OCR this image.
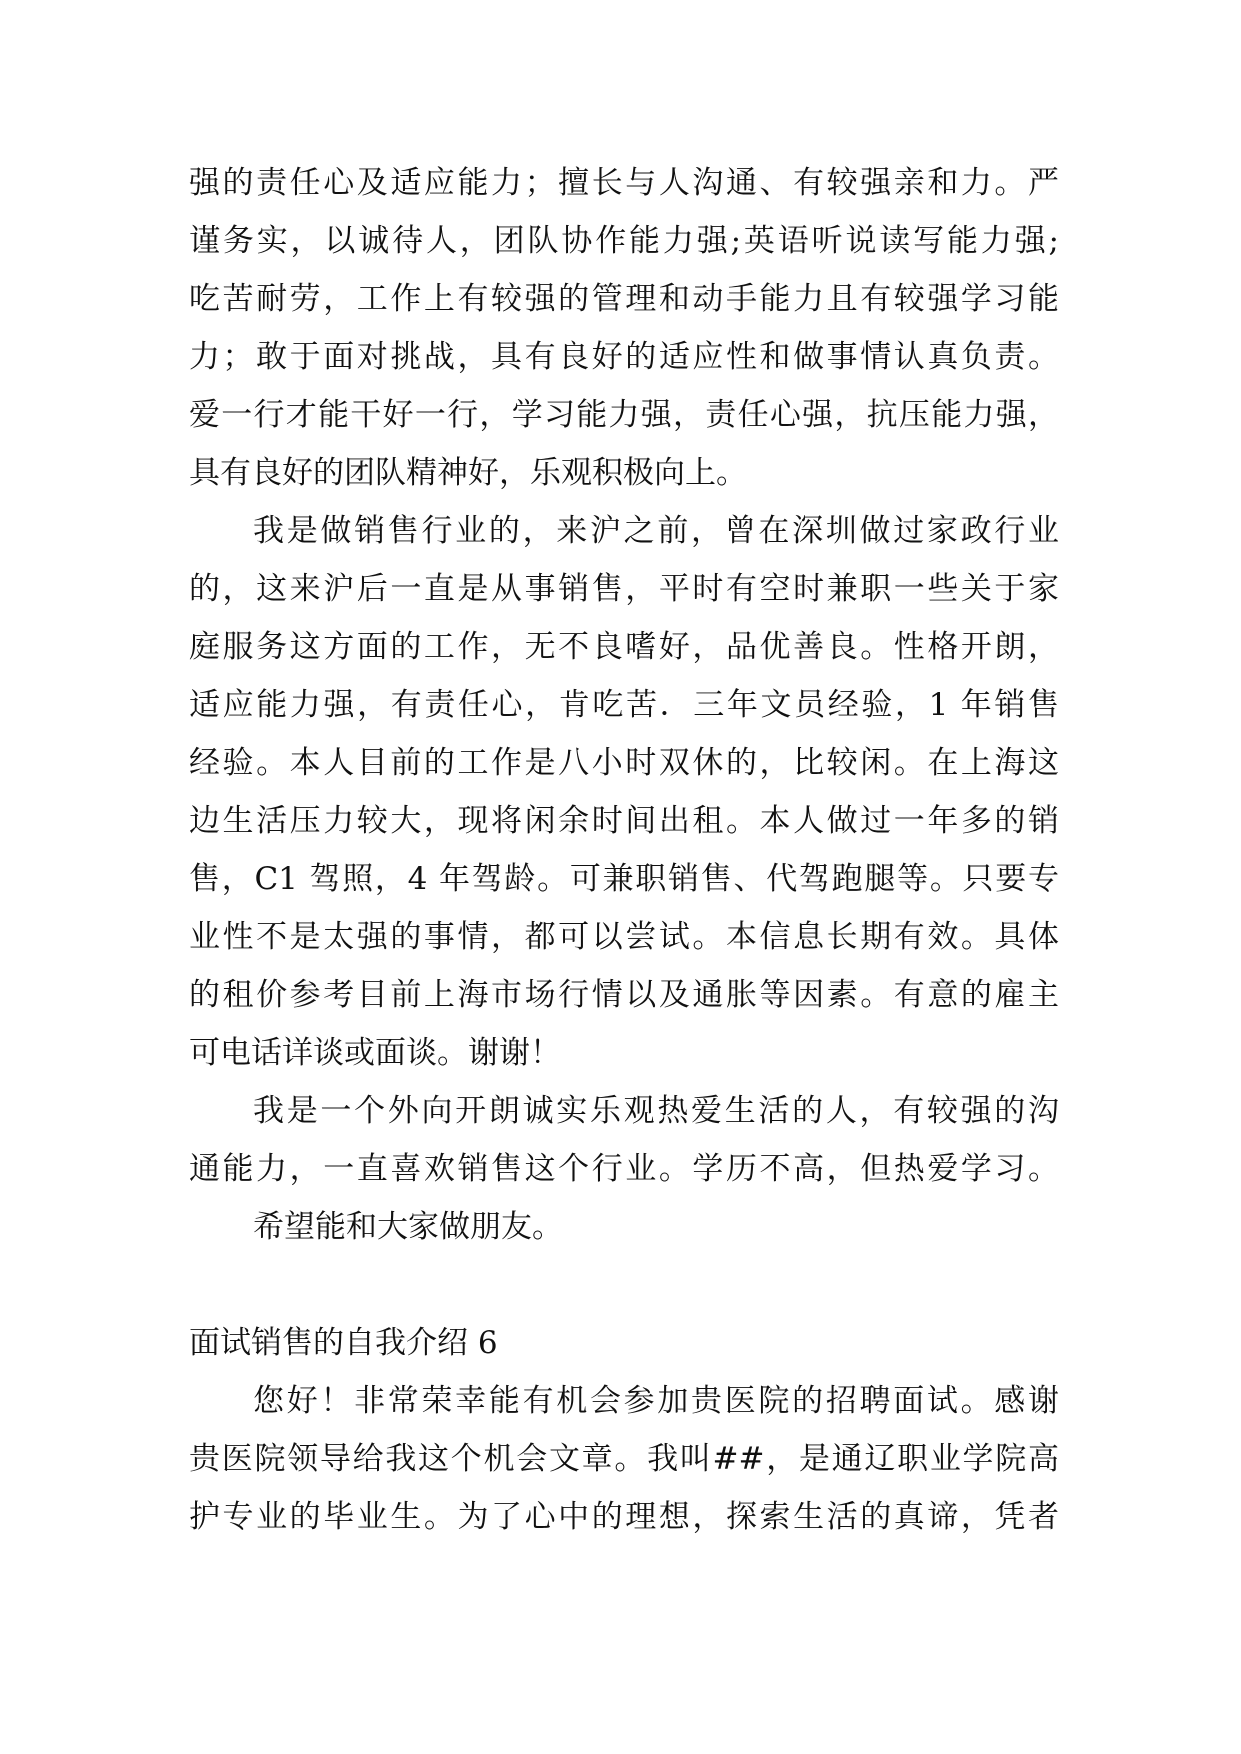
强的责任心及适应能力；擅长与人沟通、有较强亲和力。严
谨务实，以诚待人，团队协作能力强;英语听说读写能力强;
吃苦耐劳，工作上有较强的管理和动手能力且有较强学习能
力；敢于面对挑战，具有良好的适应性和做事情认真负责。
爱一行才能干好一行，学习能力强，责任心强，抗压能力强，
具有良好的团队精神好，乐观积极向上。
我是做销售行业的，来沪之前，曾在深圳做过家政行业
的，这来沪后一直是从事销售，平时有空时兼职一些关于家
庭服务这方面的工作，无不良嗜好，品优善良。性格开朗，
适应能力强，有责任心，肯吃苦．三年文员经验，1 年销售
经验。本人目前的工作是八小时双休的，比较闲。在上海这
边生活压力较大，现将闲余时间出租。本人做过一年多的销
售，C1 驾照，4 年驾龄。可兼职销售、代驾跑腿等。只要专
业性不是太强的事情，都可以尝试。本信息长期有效。具体
的租价参考目前上海市场行情以及通胀等因素。有意的雇主
可电话详谈或面谈。谢谢！
我是一个外向开朗诚实乐观热爱生活的人，有较强的沟
通能力，一直喜欢销售这个行业。学历不高，但热爱学习。
希望能和大家做朋友。
面试销售的自我介绍 6
您好！非常荣幸能有机会参加贵医院的招聘面试。感谢
贵医院领导给我这个机会文章。我叫##，是通辽职业学院高
护专业的毕业生。为了心中的理想，探索生活的真谛，凭者
